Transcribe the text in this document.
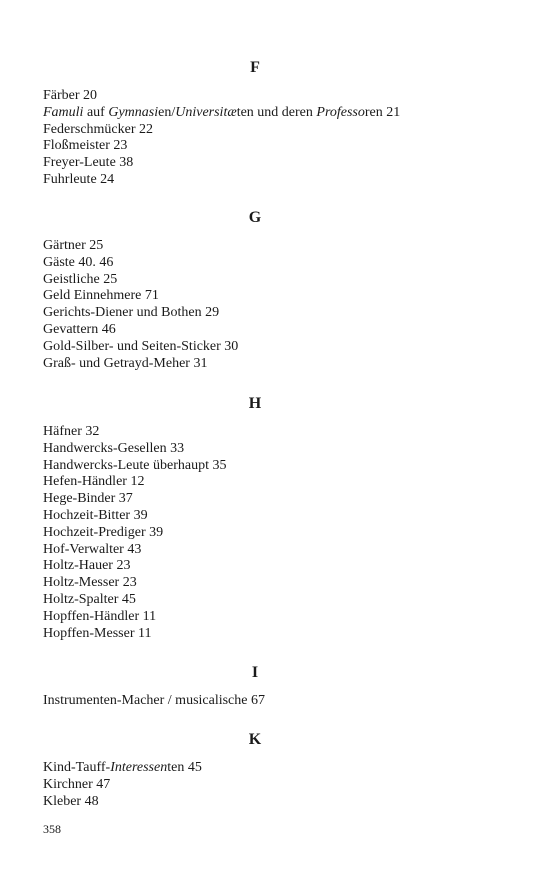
F
Färber 20
Famuli auf Gymnasien/Universitæten und deren Professoren 21
Federschmücker 22
Floßmeister 23
Freyer-Leute 38
Fuhrleute 24
G
Gärtner 25
Gäste 40. 46
Geistliche 25
Geld Einnehmere 71
Gerichts-Diener und Bothen 29
Gevattern 46
Gold-Silber- und Seiten-Sticker 30
Graß- und Getrayd-Meher 31
H
Häfner 32
Handwercks-Gesellen 33
Handwercks-Leute überhaupt 35
Hefen-Händler 12
Hege-Binder 37
Hochzeit-Bitter 39
Hochzeit-Prediger 39
Hof-Verwalter 43
Holtz-Hauer 23
Holtz-Messer 23
Holtz-Spalter 45
Hopffen-Händler 11
Hopffen-Messer 11
I
Instrumenten-Macher / musicalische 67
K
Kind-Tauff-Interessenten 45
Kirchner 47
Kleber 48
358
